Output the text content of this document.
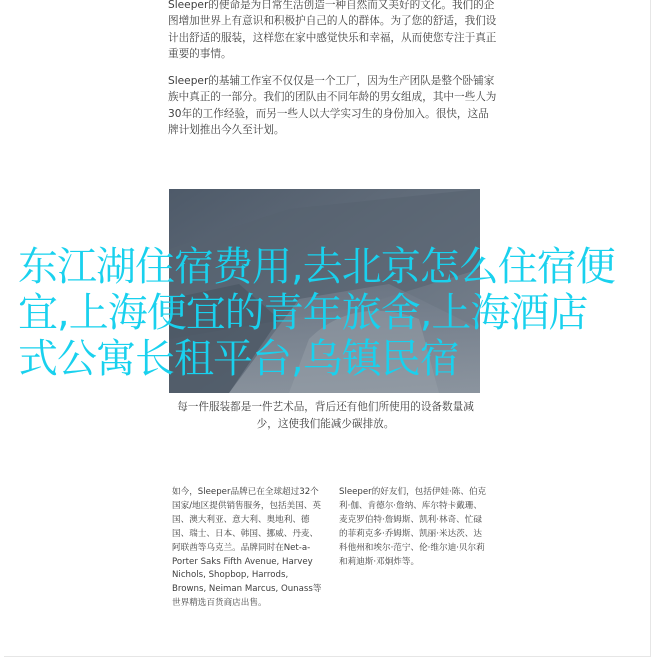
Sleeper的使命是为日常生活创造一种自然而又美好的文化。我们的企图增加世界上有意识和积极护自己的人的群体。为了您的舒适，我们设计出舒适的服装，这样您在家中感觉快乐和幸福，从而使您专注于真正重要的事情。

Sleeper的基辅工作室不仅仅是一个工厂，因为生产团队是整个卧铺家族中真正的一部分。我们的团队由不同年龄的男女组成，其中一些人为30年的工作经验，而另一些人以大学实习生的身份加入。很快，这品牌计划推出今久至计划。

每一件服装都是一件艺术品，背后还有他们所使用的设备数量减少，这使我们能减少碳排放。

如今，Sleeper品牌已在全球超过32个国家/地区提供销售服务，包括美国、英国、澳大利亚、意大利、奥地利、德国、瑞士、日本、韩国、挪威、丹麦、阿联酋等乌克兰。品牌同时在Net-a-Porter Saks Fifth Avenue, Harvey Nichols, Shopbop, Harrods, Browns, Neiman Marcus, Ounass等世界精选百货商店出售。

Sleeper的好友们，包括伊娃·陈、伯克利·伽、肯德尔·詹纳、库尔特卡戴珊、麦克罗伯特·詹姆斯、凯利·林奇、忙碌的菲莉克多·乔姆斯、凯丽·米达茨、达科他州和埃尔·范宁、伦·维尔迪·贝尔莉和莉迪斯·邓炯炸等。

东江湖住宿费用,去北京怎么住宿便宜,上海便宜的青年旅舍,上海酒店式公寓长租平台,乌镇民宿
